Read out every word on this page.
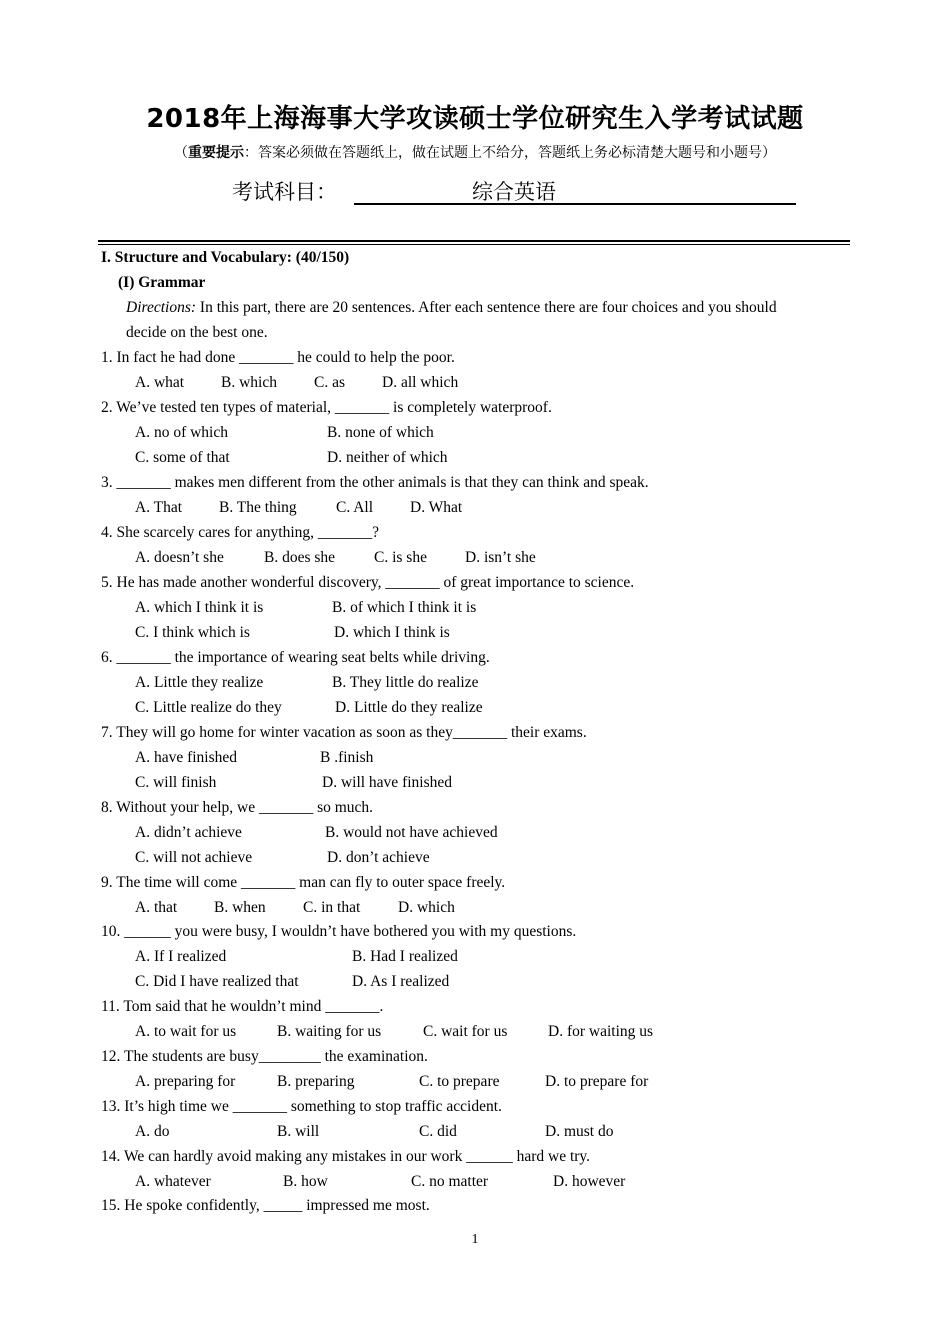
2018年上海海事大学攻读硕士学位研究生入学考试试题
（重要提示：答案必须做在答题纸上，做在试题上不给分，答题纸上务必标清楚大题号和小题号）
考试科目：	综合英语
I. Structure and Vocabulary: (40/150)
(I) Grammar
Directions: In this part, there are 20 sentences. After each sentence there are four choices and you should
decide on the best one.
1. In fact he had done _______ he could to help the poor.
A. what B. which C. as D. all which
2. We’ve tested ten types of material, _______ is completely waterproof.
A. no of which	B. none of which
C. some of that	D. neither of which
3. _______ makes men different from the other animals is that they can think and speak.
A. That B. The thing	C. All D. What
4. She scarcely cares for anything, _______?
A. doesn’t she	B. does she	C. is she D. isn’t she
5. He has made another wonderful discovery, _______ of great importance to science.
A. which I think it is	B. of which I think it is
C. I think which is	D. which I think is
6. _______ the importance of wearing seat belts while driving.
A. Little they realize	B. They little do realize
C. Little realize do they	D. Little do they realize
7. They will go home for winter vacation as soon as they_______ their exams.
A. have finished	B .finish
C. will finish	D. will have finished
8. Without your help, we _______ so much.
A. didn’t achieve	B. would not have achieved
C. will not achieve	D. don’t achieve
9. The time will come _______ man can fly to outer space freely.
A. that B. when C. in that D. which
10. ______ you were busy, I wouldn’t have bothered you with my questions.
A. If I realized	B. Had I realized
C. Did I have realized that	D. As I realized
11. Tom said that he wouldn’t mind _______.
A. to wait for us	B. waiting for us	C. wait for us	D. for waiting us
12. The students are busy________ the examination.
A. preparing for	B. preparing	C. to prepare	D. to prepare for
13. It’s high time we _______ something to stop traffic accident.
A. do	B. will	C. did	D. must do
14. We can hardly avoid making any mistakes in our work ______ hard we try.
A. whatever	B. how	C. no matter	D. however
15. He spoke confidently, _____ impressed me most.
1
